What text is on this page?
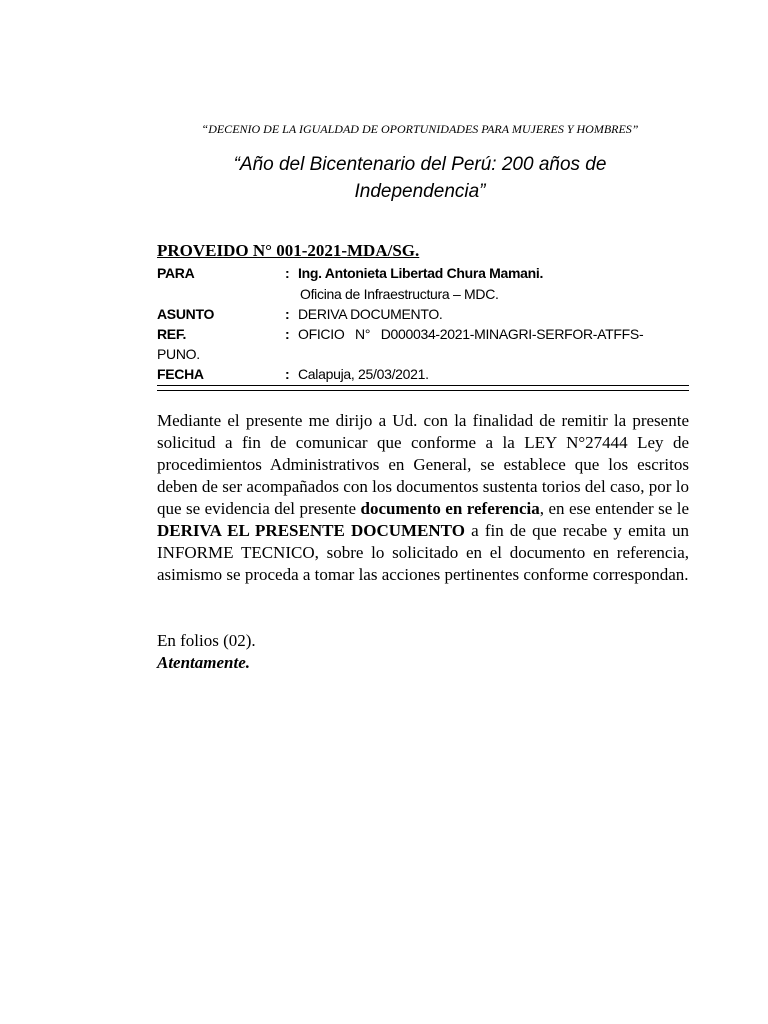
“DECENIO DE LA IGUALDAD DE OPORTUNIDADES PARA MUJERES Y HOMBRES”
“Año del Bicentenario del Perú: 200 años de Independencia”
PROVEIDO N° 001-2021-MDA/SG.
PARA	: Ing. Antonieta Libertad Chura Mamani.
Oficina de Infraestructura – MDC.
ASUNTO	: DERIVA DOCUMENTO.
REF.	: OFICIO N° D000034-2021-MINAGRI-SERFOR-ATFFS-
PUNO.
FECHA	: Calapuja, 25/03/2021.
Mediante el presente me dirijo a Ud. con la finalidad de remitir la presente solicitud a fin de comunicar que conforme a la LEY N°27444 Ley de procedimientos Administrativos en General, se establece que los escritos deben de ser acompañados con los documentos sustenta torios del caso, por lo que se evidencia del presente documento en referencia, en ese entender se le DERIVA EL PRESENTE DOCUMENTO a fin de que recabe y emita un INFORME TECNICO, sobre lo solicitado en el documento en referencia, asimismo se proceda a tomar las acciones pertinentes conforme correspondan.
En folios (02).
Atentamente.
